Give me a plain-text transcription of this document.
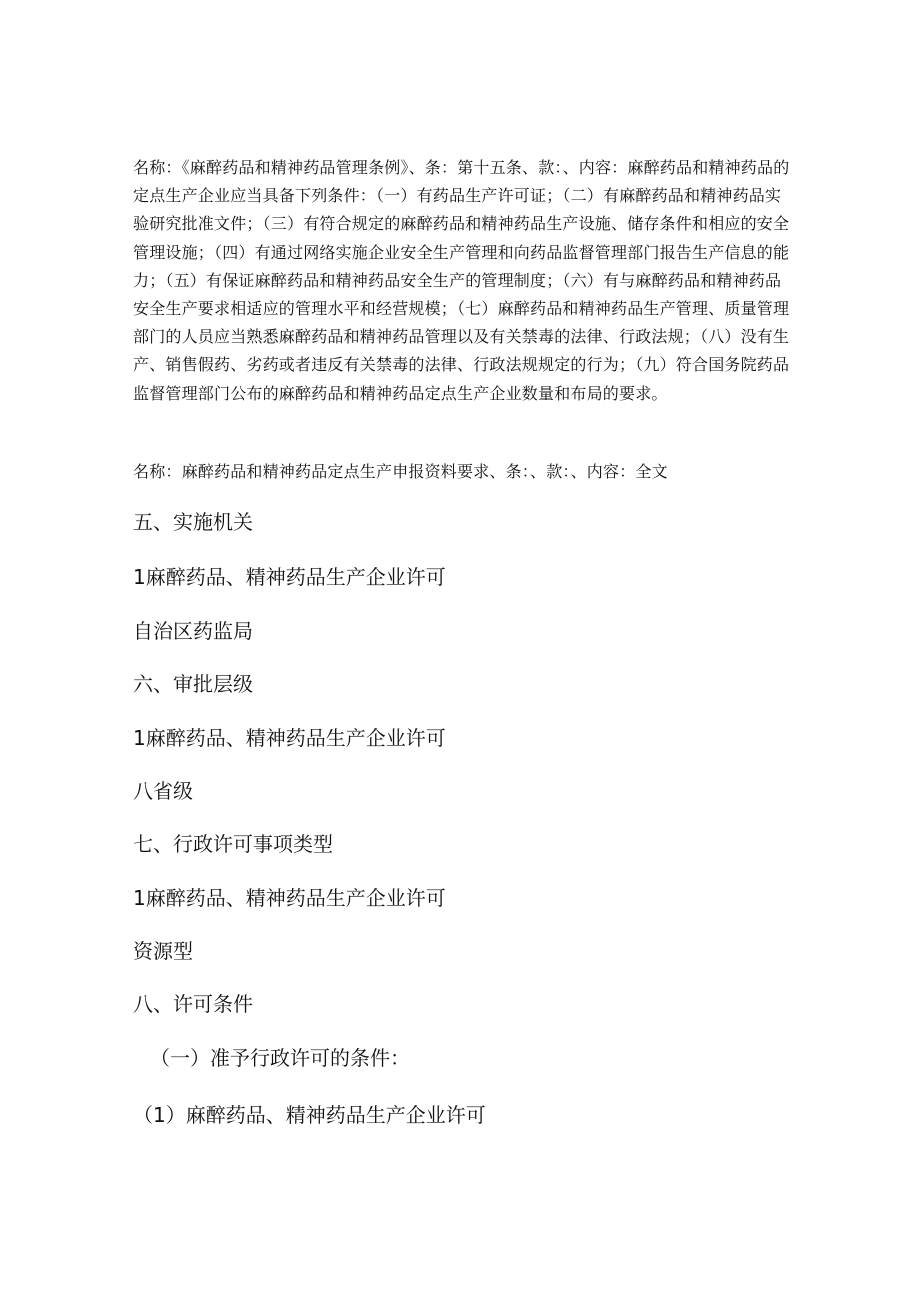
名称：《麻醉药品和精神药品管理条例》、条：第十五条、款：、内容：麻醉药品和精神药品的定点生产企业应当具备下列条件：（一）有药品生产许可证；（二）有麻醉药品和精神药品实验研究批准文件；（三）有符合规定的麻醉药品和精神药品生产设施、储存条件和相应的安全管理设施；（四）有通过网络实施企业安全生产管理和向药品监督管理部门报告生产信息的能力；（五）有保证麻醉药品和精神药品安全生产的管理制度；（六）有与麻醉药品和精神药品安全生产要求相适应的管理水平和经营规模；（七）麻醉药品和精神药品生产管理、质量管理部门的人员应当熟悉麻醉药品和精神药品管理以及有关禁毒的法律、行政法规；（八）没有生产、销售假药、劣药或者违反有关禁毒的法律、行政法规规定的行为；（九）符合国务院药品监督管理部门公布的麻醉药品和精神药品定点生产企业数量和布局的要求。

名称：麻醉药品和精神药品定点生产申报资料要求、条：、款：、内容：全文

五、实施机关
1麻醉药品、精神药品生产企业许可
自治区药监局
六、审批层级
1麻醉药品、精神药品生产企业许可
八省级
七、行政许可事项类型
1麻醉药品、精神药品生产企业许可
资源型
八、许可条件
（一）准予行政许可的条件：
（1）麻醉药品、精神药品生产企业许可
